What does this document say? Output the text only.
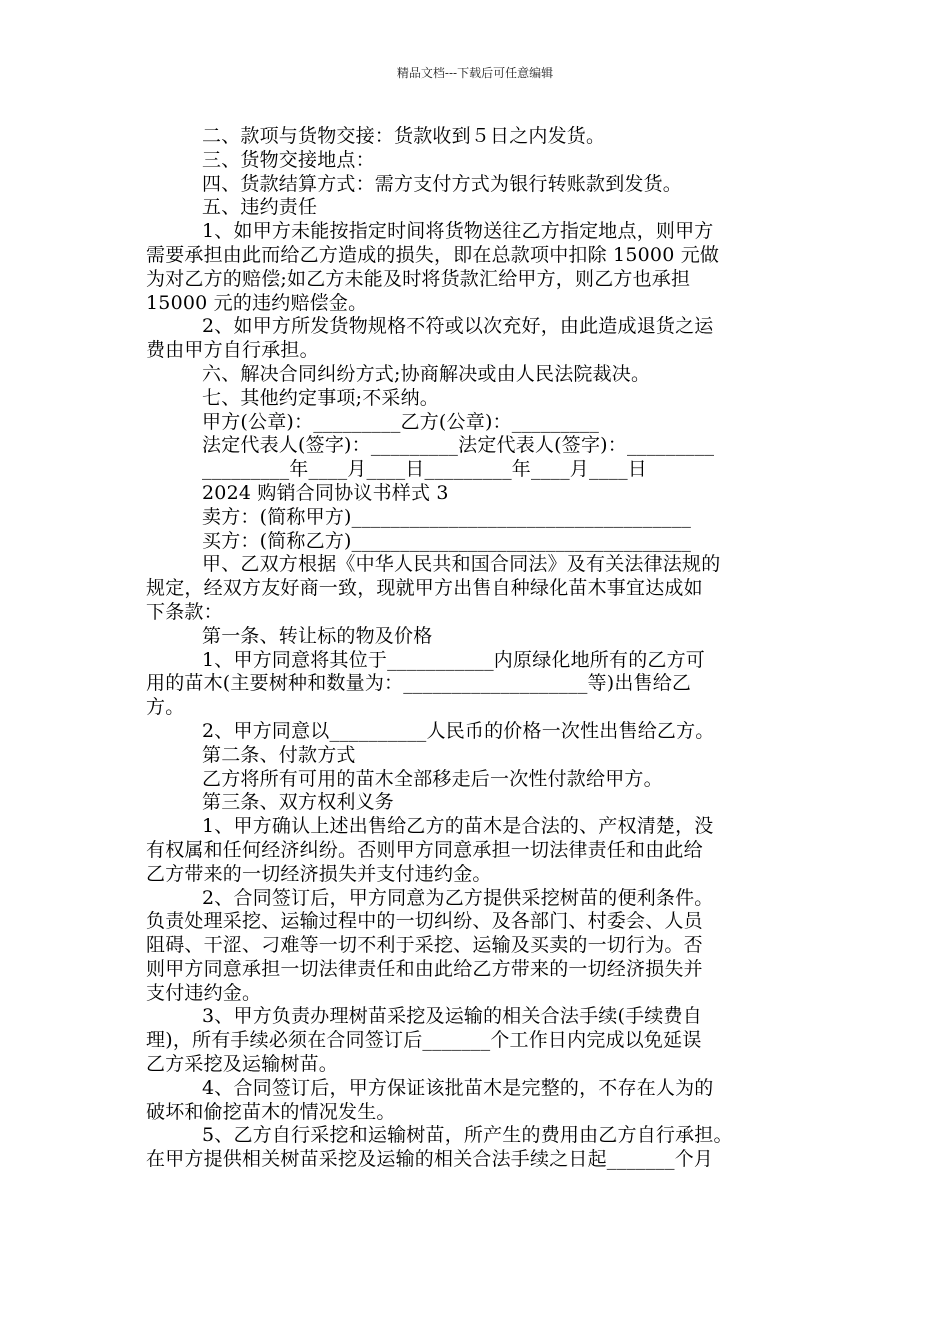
精品文档---下载后可任意编辑
二、款项与货物交接：货款收到５日之内发货。
三、货物交接地点：
四、货款结算方式：需方支付方式为银行转账款到发货。
五、违约责任
1、如甲方未能按指定时间将货物送往乙方指定地点，则甲方
需要承担由此而给乙方造成的损失，即在总款项中扣除 15000 元做
为对乙方的赔偿;如乙方未能及时将货款汇给甲方，则乙方也承担
15000 元的违约赔偿金。
2、如甲方所发货物规格不符或以次充好，由此造成退货之运
费由甲方自行承担。
六、解决合同纠纷方式;协商解决或由人民法院裁决。
七、其他约定事项;不采纳。
甲方(公章)：_________乙方(公章)：_________
法定代表人(签字)：_________法定代表人(签字)：_________
_________年____月____日_________年____月____日
2024 购销合同协议书样式 3
卖方：(简称甲方)___________________________________
买方：(简称乙方)___________________________________
甲、乙双方根据《中华人民共和国合同法》及有关法律法规的
规定，经双方友好商一致，现就甲方出售自种绿化苗木事宜达成如
下条款：
第一条、转让标的物及价格
1、甲方同意将其位于___________内原绿化地所有的乙方可
用的苗木(主要树种和数量为：___________________等)出售给乙
方。
2、甲方同意以__________人民币的价格一次性出售给乙方。
第二条、付款方式
乙方将所有可用的苗木全部移走后一次性付款给甲方。
第三条、双方权利义务
1、甲方确认上述出售给乙方的苗木是合法的、产权清楚，没
有权属和任何经济纠纷。否则甲方同意承担一切法律责任和由此给
乙方带来的一切经济损失并支付违约金。
2、合同签订后，甲方同意为乙方提供采挖树苗的便利条件。
负责处理采挖、运输过程中的一切纠纷、及各部门、村委会、人员
阻碍、干涩、刁难等一切不利于采挖、运输及买卖的一切行为。否
则甲方同意承担一切法律责任和由此给乙方带来的一切经济损失并
支付违约金。
3、甲方负责办理树苗采挖及运输的相关合法手续(手续费自
理)，所有手续必须在合同签订后_______个工作日内完成以免延误
乙方采挖及运输树苗。
4、合同签订后，甲方保证该批苗木是完整的，不存在人为的
破坏和偷挖苗木的情况发生。
5、乙方自行采挖和运输树苗，所产生的费用由乙方自行承担。
在甲方提供相关树苗采挖及运输的相关合法手续之日起_______个月
